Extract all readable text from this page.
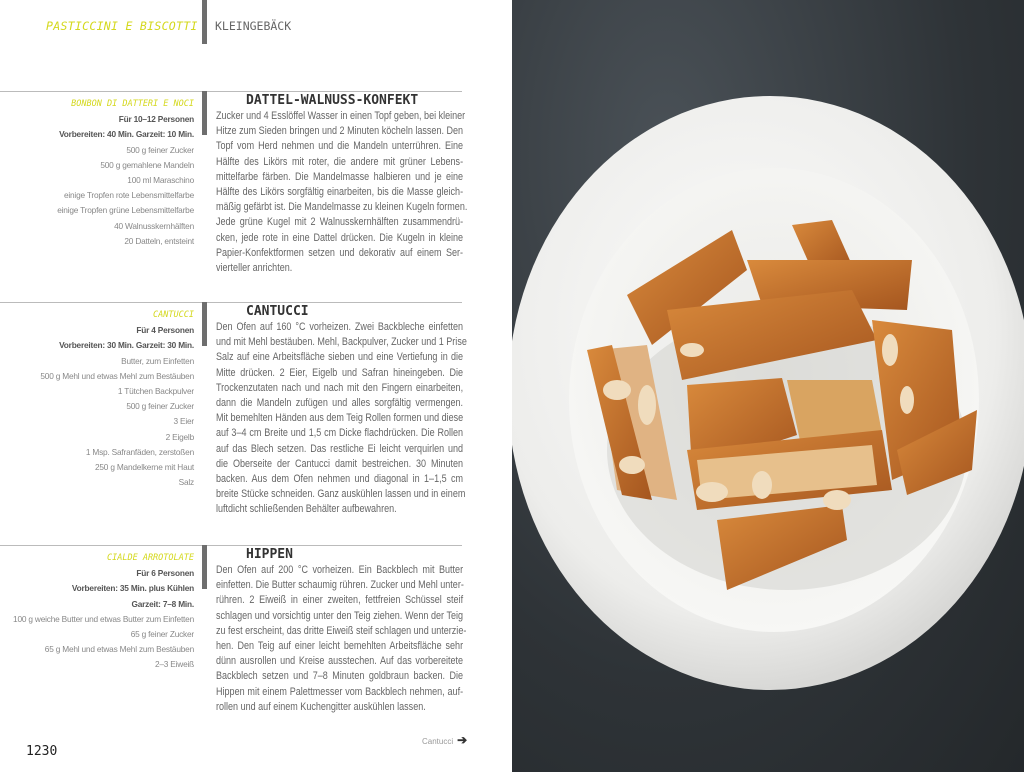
PASTICCINI E BISCOTTI KLEINGEBÄCK
BONBON DI DATTERI E NOCI
Für 10–12 Personen
Vorbereiten: 40 Min. Garzeit: 10 Min.
500 g feiner Zucker
500 g gemahlene Mandeln
100 ml Maraschino
einige Tropfen rote Lebensmittelfarbe
einige Tropfen grüne Lebensmittelfarbe
40 Walnusskernhälften
20 Datteln, entsteint
DATTEL-WALNUSS-KONFEKT
Zucker und 4 Esslöffel Wasser in einen Topf geben, bei kleiner
Hitze zum Sieden bringen und 2 Minuten köcheln lassen. Den
Topf vom Herd nehmen und die Mandeln unterrühren. Eine
Hälfte des Likörs mit roter, die andere mit grüner Lebens-
mittelfarbe färben. Die Mandelmasse halbieren und je eine
Hälfte des Likörs sorgfältig einarbeiten, bis die Masse gleich-
mäßig gefärbt ist. Die Mandelmasse zu kleinen Kugeln formen.
Jede grüne Kugel mit 2 Walnusskernhälften zusammendrü-
cken, jede rote in eine Dattel drücken. Die Kugeln in kleine
Papier-Konfektformen setzen und dekorativ auf einem Ser-
vierteller anrichten.
CANTUCCI
Für 4 Personen
Vorbereiten: 30 Min. Garzeit: 30 Min.
Butter, zum Einfetten
500 g Mehl und etwas Mehl zum Bestäuben
1 Tütchen Backpulver
500 g feiner Zucker
3 Eier
2 Eigelb
1 Msp. Safranfäden, zerstoßen
250 g Mandelkerne mit Haut
Salz
CANTUCCI
Den Ofen auf 160 °C vorheizen. Zwei Backbleche einfetten
und mit Mehl bestäuben. Mehl, Backpulver, Zucker und 1 Prise
Salz auf eine Arbeitsfläche sieben und eine Vertiefung in die
Mitte drücken. 2 Eier, Eigelb und Safran hineingeben. Die
Trockenzutaten nach und nach mit den Fingern einarbeiten,
dann die Mandeln zufügen und alles sorgfältig vermengen.
Mit bemehlten Händen aus dem Teig Rollen formen und diese
auf 3–4 cm Breite und 1,5 cm Dicke flachdrücken. Die Rollen
auf das Blech setzen. Das restliche Ei leicht verquirlen und
die Oberseite der Cantucci damit bestreichen. 30 Minuten
backen. Aus dem Ofen nehmen und diagonal in 1–1,5 cm
breite Stücke schneiden. Ganz auskühlen lassen und in einem
luftdicht schließenden Behälter aufbewahren.
CIALDE ARROTOLATE
Für 6 Personen
Vorbereiten: 35 Min. plus Kühlen
Garzeit: 7–8 Min.
100 g weiche Butter und etwas Butter zum Einfetten
65 g feiner Zucker
65 g Mehl und etwas Mehl zum Bestäuben
2–3 Eiweiß
HIPPEN
Den Ofen auf 200 °C vorheizen. Ein Backblech mit Butter
einfetten. Die Butter schaumig rühren. Zucker und Mehl unter-
rühren. 2 Eiweiß in einer zweiten, fettfreien Schüssel steif
schlagen und vorsichtig unter den Teig ziehen. Wenn der Teig
zu fest erscheint, das dritte Eiweiß steif schlagen und unterzie-
hen. Den Teig auf einer leicht bemehlten Arbeitsfläche sehr
dünn ausrollen und Kreise ausstechen. Auf das vorbereitete
Backblech setzen und 7–8 Minuten goldbraun backen. Die
Hippen mit einem Palettmesser vom Backblech nehmen, auf-
rollen und auf einem Kuchengitter auskühlen lassen.
1230
Cantucci ➔
